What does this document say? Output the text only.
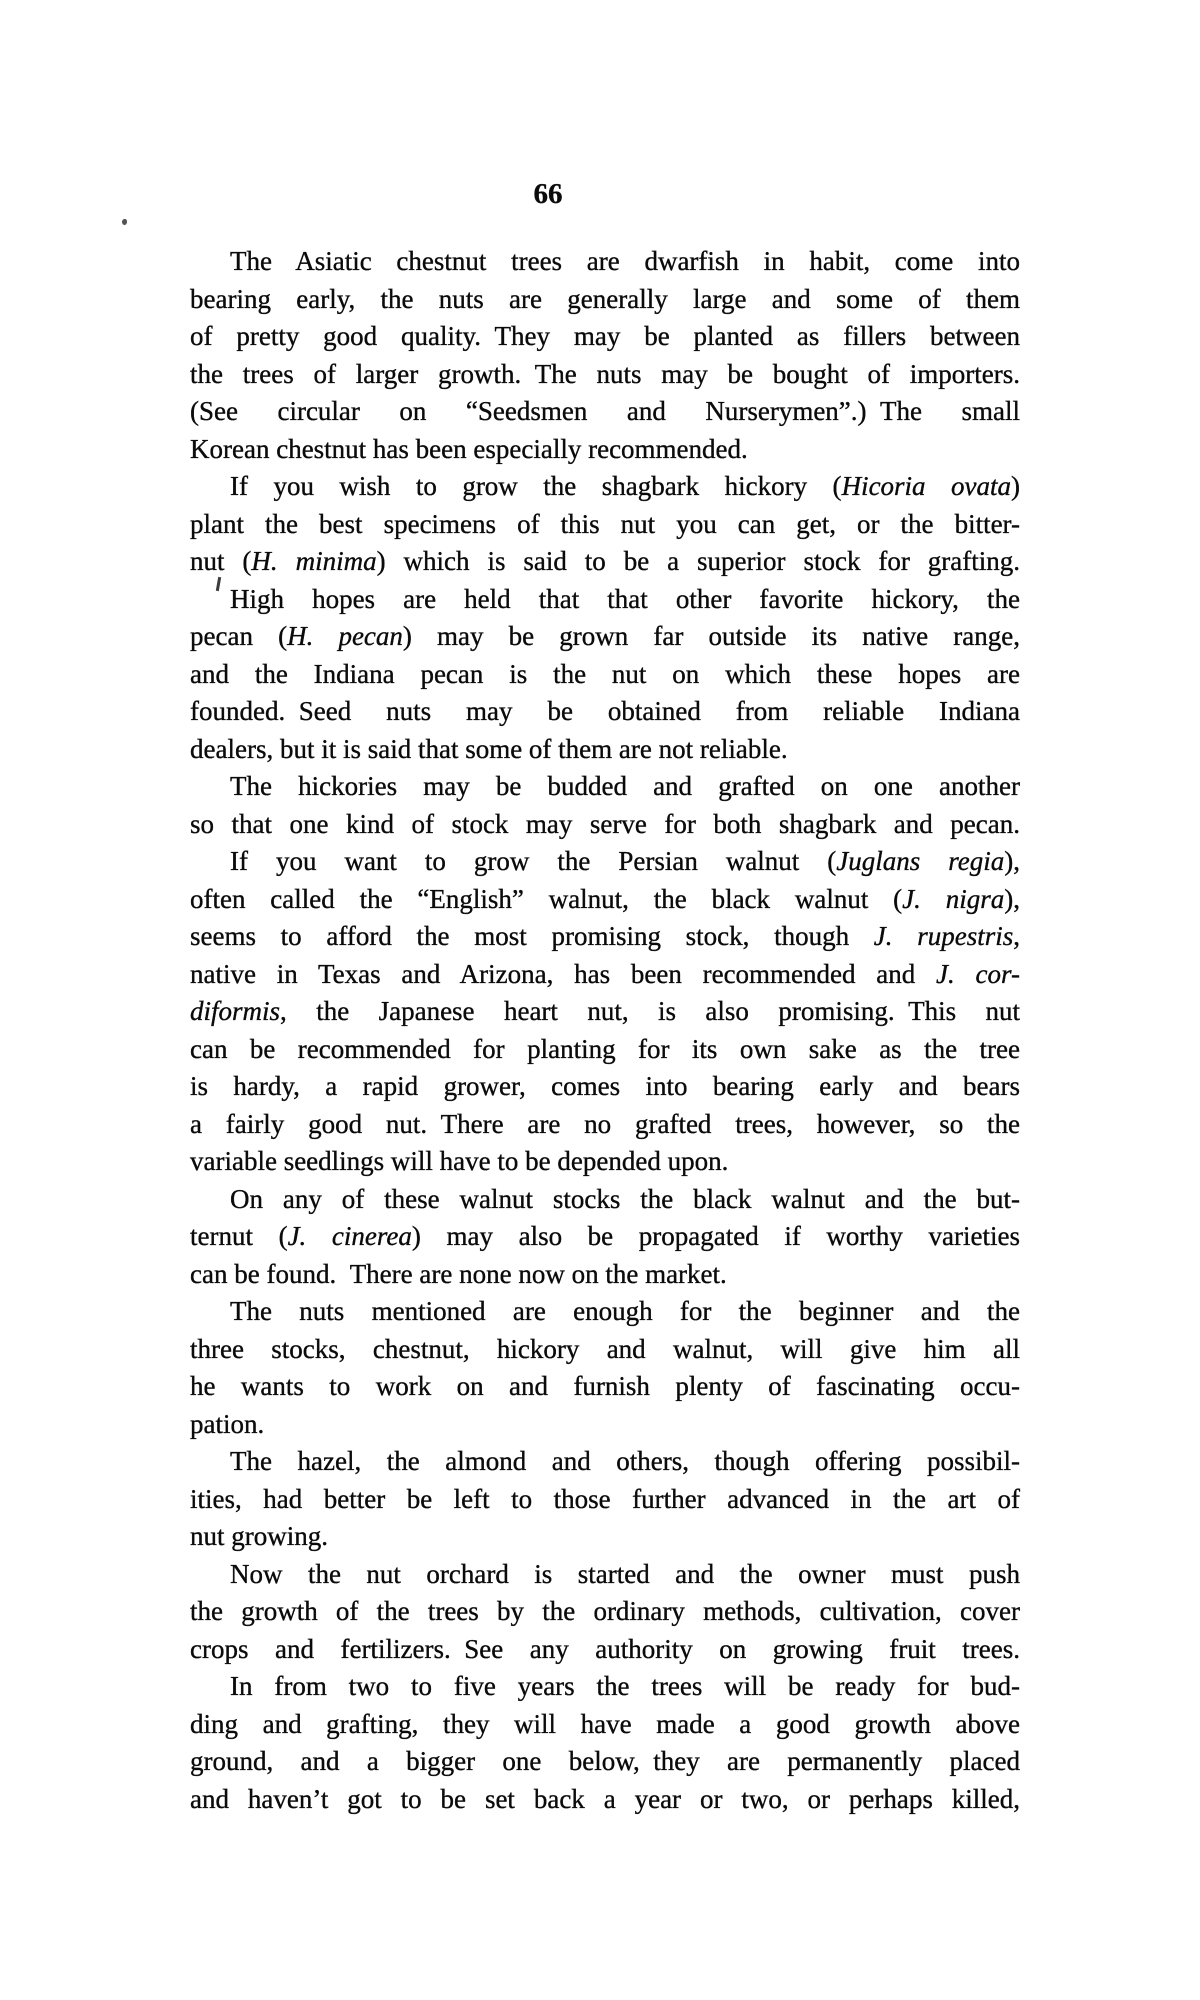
66
The Asiatic chestnut trees are dwarfish in habit, come into
bearing early, the nuts are generally large and some of them
of pretty good quality. They may be planted as fillers between
the trees of larger growth. The nuts may be bought of importers.
(See circular on “Seedsmen and Nurserymen”.) The small
Korean chestnut has been especially recommended.
If you wish to grow the shagbark hickory (Hicoria ovata)
plant the best specimens of this nut you can get, or the bitter-
nut (H. minima) which is said to be a superior stock for grafting.
High hopes are held that that other favorite hickory, the
pecan (H. pecan) may be grown far outside its native range,
and the Indiana pecan is the nut on which these hopes are
founded. Seed nuts may be obtained from reliable Indiana
dealers, but it is said that some of them are not reliable.
The hickories may be budded and grafted on one another
so that one kind of stock may serve for both shagbark and pecan.
If you want to grow the Persian walnut (Juglans regia),
often called the “English” walnut, the black walnut (J. nigra),
seems to afford the most promising stock, though J. rupestris,
native in Texas and Arizona, has been recommended and J. cor-
diformis, the Japanese heart nut, is also promising. This nut
can be recommended for planting for its own sake as the tree
is hardy, a rapid grower, comes into bearing early and bears
a fairly good nut. There are no grafted trees, however, so the
variable seedlings will have to be depended upon.
On any of these walnut stocks the black walnut and the but-
ternut (J. cinerea) may also be propagated if worthy varieties
can be found. There are none now on the market.
The nuts mentioned are enough for the beginner and the
three stocks, chestnut, hickory and walnut, will give him all
he wants to work on and furnish plenty of fascinating occu-
pation.
The hazel, the almond and others, though offering possibil-
ities, had better be left to those further advanced in the art of
nut growing.
Now the nut orchard is started and the owner must push
the growth of the trees by the ordinary methods, cultivation, cover
crops and fertilizers. See any authority on growing fruit trees.
In from two to five years the trees will be ready for bud-
ding and grafting, they will have made a good growth above
ground, and a bigger one below, they are permanently placed
and haven’t got to be set back a year or two, or perhaps killed,
